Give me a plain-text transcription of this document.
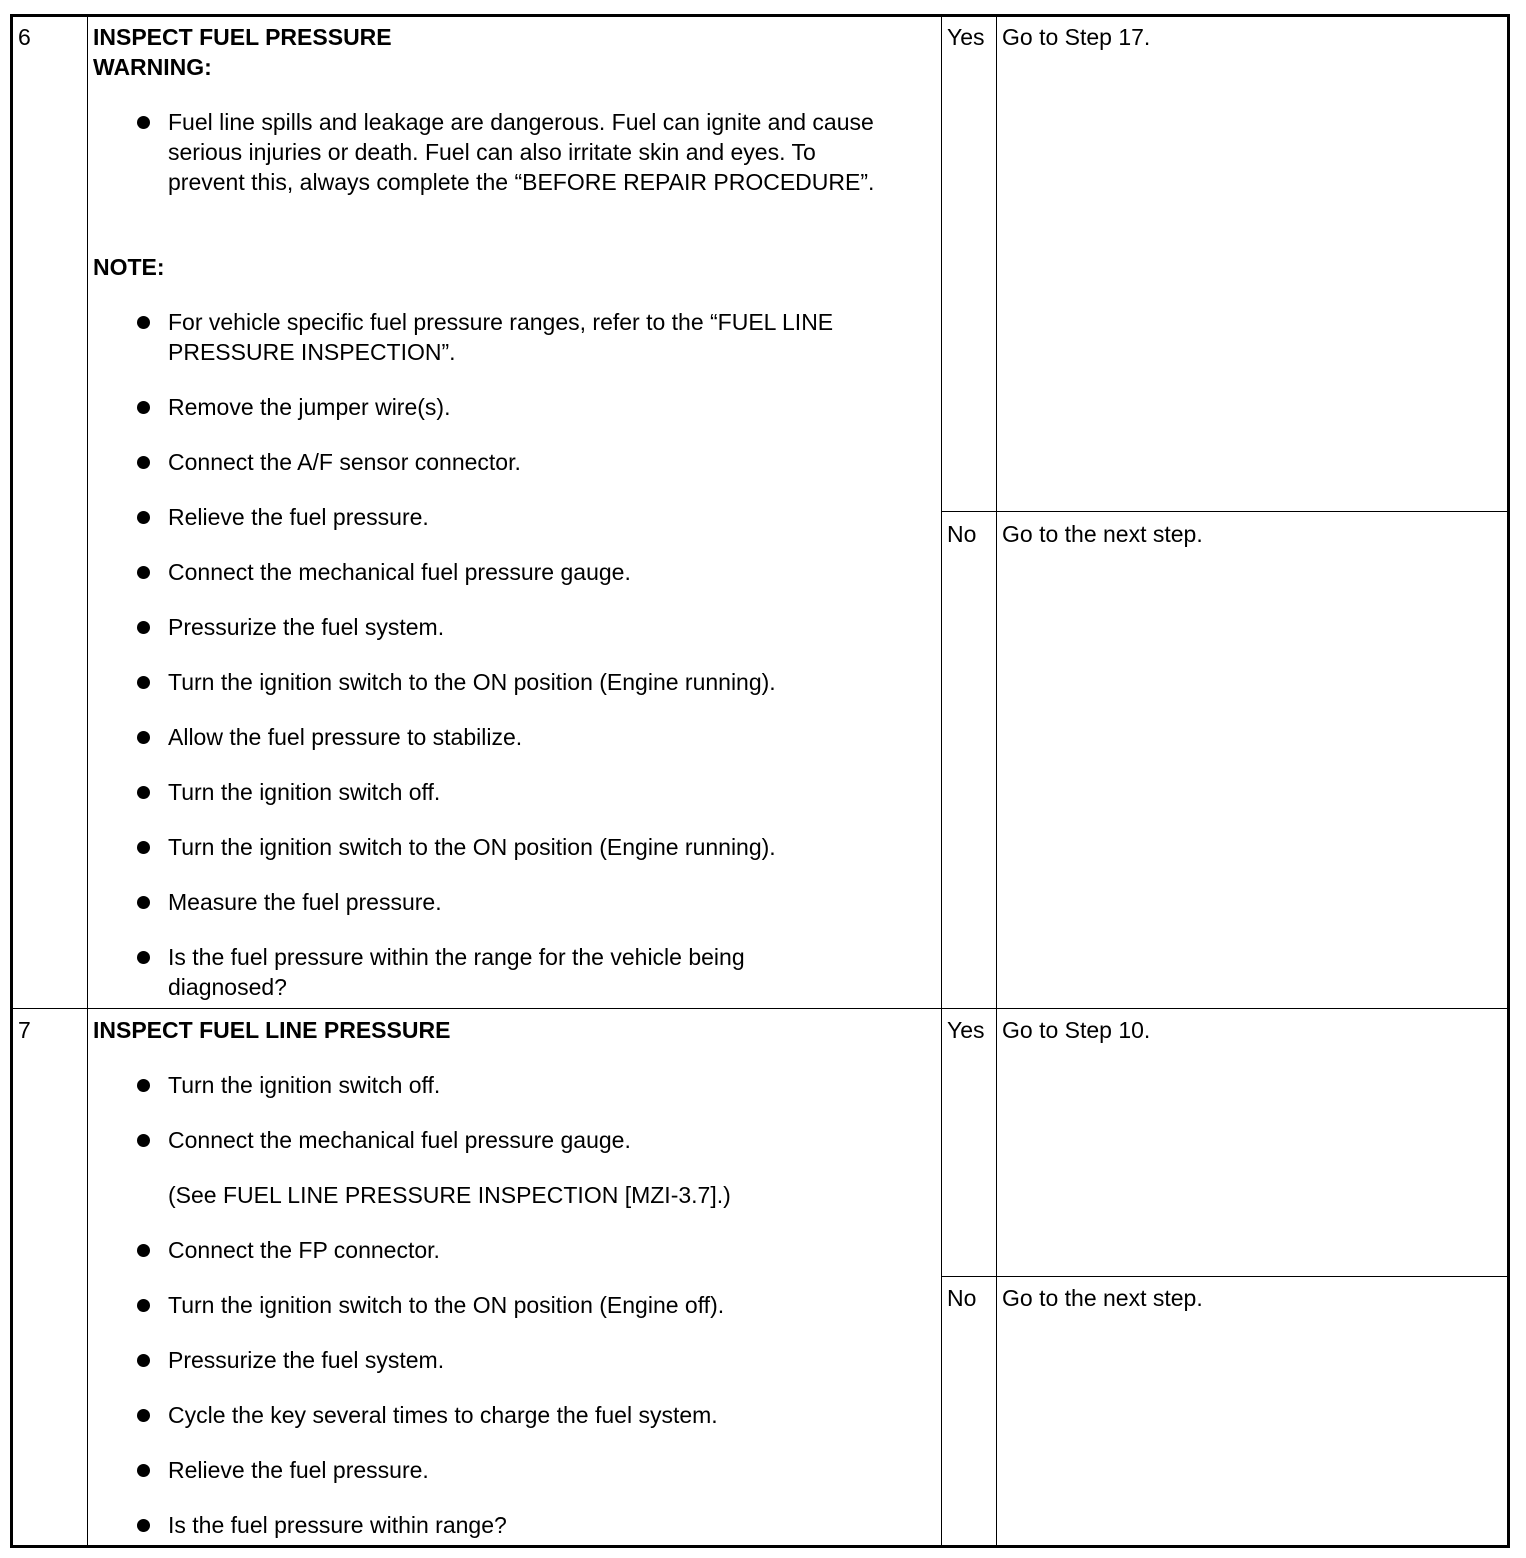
6	INSPECT FUEL PRESSURE
WARNING:
Fuel line spills and leakage are dangerous. Fuel can ignite and cause serious injuries or death. Fuel can also irritate skin and eyes. To prevent this, always complete the “BEFORE REPAIR PROCEDURE”.
NOTE:
For vehicle specific fuel pressure ranges, refer to the “FUEL LINE PRESSURE INSPECTION”.
Remove the jumper wire(s).
Connect the A/F sensor connector.
Relieve the fuel pressure.
Connect the mechanical fuel pressure gauge.
Pressurize the fuel system.
Turn the ignition switch to the ON position (Engine running).
Allow the fuel pressure to stabilize.
Turn the ignition switch off.
Turn the ignition switch to the ON position (Engine running).
Measure the fuel pressure.
Is the fuel pressure within the range for the vehicle being diagnosed?
Yes Go to Step 17.
No Go to the next step.
7	INSPECT FUEL LINE PRESSURE
Turn the ignition switch off.
Connect the mechanical fuel pressure gauge.
(See FUEL LINE PRESSURE INSPECTION [MZI-3.7].)
Connect the FP connector.
Turn the ignition switch to the ON position (Engine off).
Pressurize the fuel system.
Cycle the key several times to charge the fuel system.
Relieve the fuel pressure.
Is the fuel pressure within range?
Yes Go to Step 10.
No Go to the next step.
